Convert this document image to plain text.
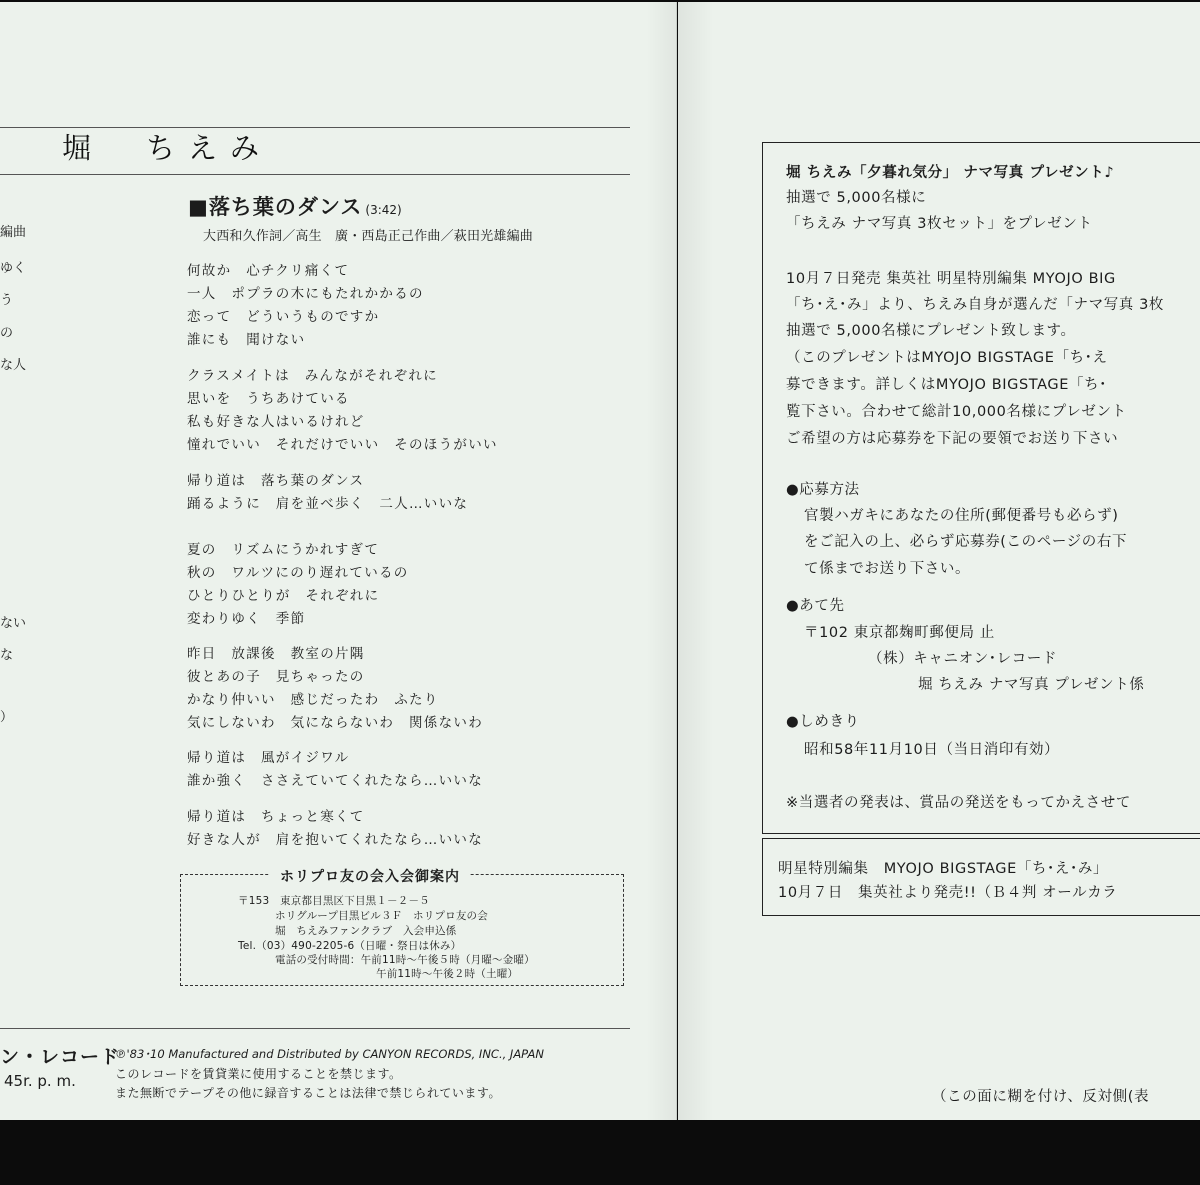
堀　ちえみ
■落ち葉のダンス (3:42)
大西和久作詞／高生　廣・西島正己作曲／萩田光雄編曲
編曲
ゆく
う
の
な人
ない
な
）
何故か　心チクリ痛くて
一人　ポプラの木にもたれかかるの
恋って　どういうものですか
誰にも　聞けない
クラスメイトは　みんながそれぞれに
思いを　うちあけている
私も好きな人はいるけれど
憧れでいい　それだけでいい　そのほうがいい
帰り道は　落ち葉のダンス
踊るように　肩を並べ歩く　二人…いいな
夏の　リズムにうかれすぎて
秋の　ワルツにのり遅れているの
ひとりひとりが　それぞれに
変わりゆく　季節
昨日　放課後　教室の片隅
彼とあの子　見ちゃったの
かなり仲いい　感じだったわ　ふたり
気にしないわ　気にならないわ　関係ないわ
帰り道は　風がイジワル
誰か強く　ささえていてくれたなら…いいな
帰り道は　ちょっと寒くて
好きな人が　肩を抱いてくれたなら…いいな
ホリプロ友の会入会御案内
〒153　東京都目黒区下目黒１－２－５
ホリグループ目黒ビル３Ｆ　ホリプロ友の会
堀　ちえみファンクラブ　入会申込係
Tel.（03）490-2205-6（日曜・祭日は休み）
電話の受付時間：午前11時～午後５時（月曜～金曜）
午前11時～午後２時（土曜）
ン・レコード
45r. p. m.
℗'83･10 Manufactured and Distributed by CANYON RECORDS, INC., JAPAN
このレコードを賃貸業に使用することを禁じます。
また無断でテープその他に録音することは法律で禁じられています。
堀 ちえみ「夕暮れ気分」 ナマ写真 プレゼント♪
抽選で 5,000名様に
「ちえみ ナマ写真 3枚セット」をプレゼント
10月７日発売 集英社 明星特別編集 MYOJO BIG
「ち･え･み」より、ちえみ自身が選んだ「ナマ写真 3枚
抽選で 5,000名様にプレゼント致します。
（このプレゼントはMYOJO BIGSTAGE「ち･え
募できます。詳しくはMYOJO BIGSTAGE「ち･
覧下さい。合わせて総計10,000名様にプレゼント
ご希望の方は応募券を下記の要領でお送り下さい
●応募方法
官製ハガキにあなたの住所(郵便番号も必らず)
をご記入の上、必らず応募券(このページの右下
て係までお送り下さい。
●あて先
〒102 東京都麹町郵便局 止
（株）キャニオン･レコード
堀 ちえみ ナマ写真 プレゼント係
●しめきり
昭和58年11月10日（当日消印有効）
※当選者の発表は、賞品の発送をもってかえさせて
明星特別編集　MYOJO BIGSTAGE「ち･え･み」
10月７日　集英社より発売!!（Ｂ４判 オールカラ
（この面に糊を付け、反対側(表
